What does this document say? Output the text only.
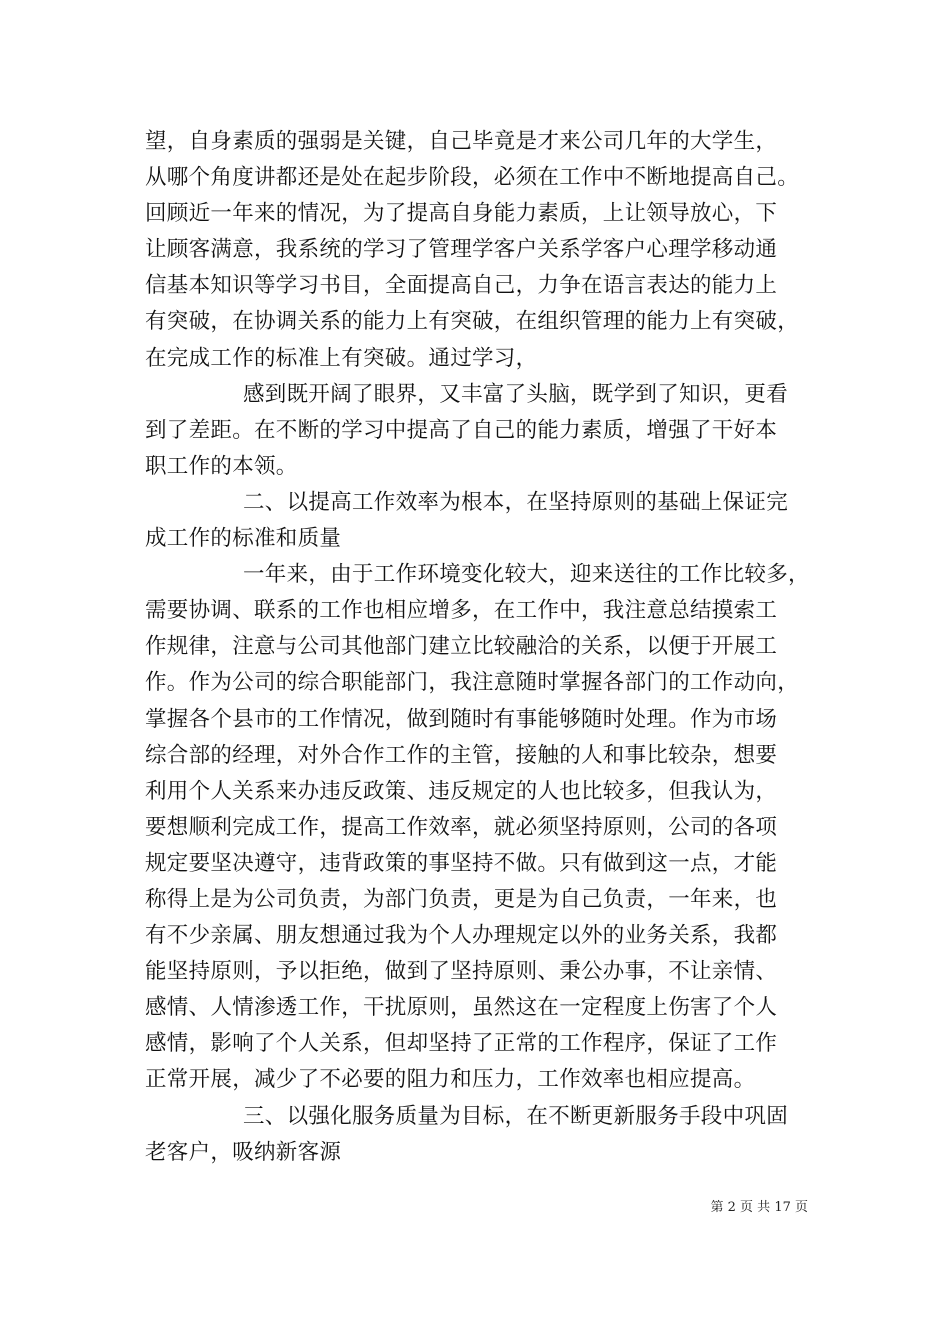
望，自身素质的强弱是关键，自己毕竟是才来公司几年的大学生，
从哪个角度讲都还是处在起步阶段，必须在工作中不断地提高自己。
回顾近一年来的情况，为了提高自身能力素质，上让领导放心，下
让顾客满意，我系统的学习了管理学客户关系学客户心理学移动通
信基本知识等学习书目，全面提高自己，力争在语言表达的能力上
有突破，在协调关系的能力上有突破，在组织管理的能力上有突破，
在完成工作的标准上有突破。通过学习，
感到既开阔了眼界，又丰富了头脑，既学到了知识，更看
到了差距。在不断的学习中提高了自己的能力素质，增强了干好本
职工作的本领。
二、以提高工作效率为根本，在坚持原则的基础上保证完
成工作的标准和质量
一年来，由于工作环境变化较大，迎来送往的工作比较多，
需要协调、联系的工作也相应增多，在工作中，我注意总结摸索工
作规律，注意与公司其他部门建立比较融洽的关系，以便于开展工
作。作为公司的综合职能部门，我注意随时掌握各部门的工作动向，
掌握各个县市的工作情况，做到随时有事能够随时处理。作为市场
综合部的经理，对外合作工作的主管，接触的人和事比较杂，想要
利用个人关系来办违反政策、违反规定的人也比较多，但我认为，
要想顺利完成工作，提高工作效率，就必须坚持原则，公司的各项
规定要坚决遵守，违背政策的事坚持不做。只有做到这一点，才能
称得上是为公司负责，为部门负责，更是为自己负责，一年来，也
有不少亲属、朋友想通过我为个人办理规定以外的业务关系，我都
能坚持原则，予以拒绝，做到了坚持原则、秉公办事，不让亲情、
感情、人情渗透工作，干扰原则，虽然这在一定程度上伤害了个人
感情，影响了个人关系，但却坚持了正常的工作程序，保证了工作
正常开展，减少了不必要的阻力和压力，工作效率也相应提高。
三、以强化服务质量为目标，在不断更新服务手段中巩固
老客户，吸纳新客源
第 2 页 共 17 页
